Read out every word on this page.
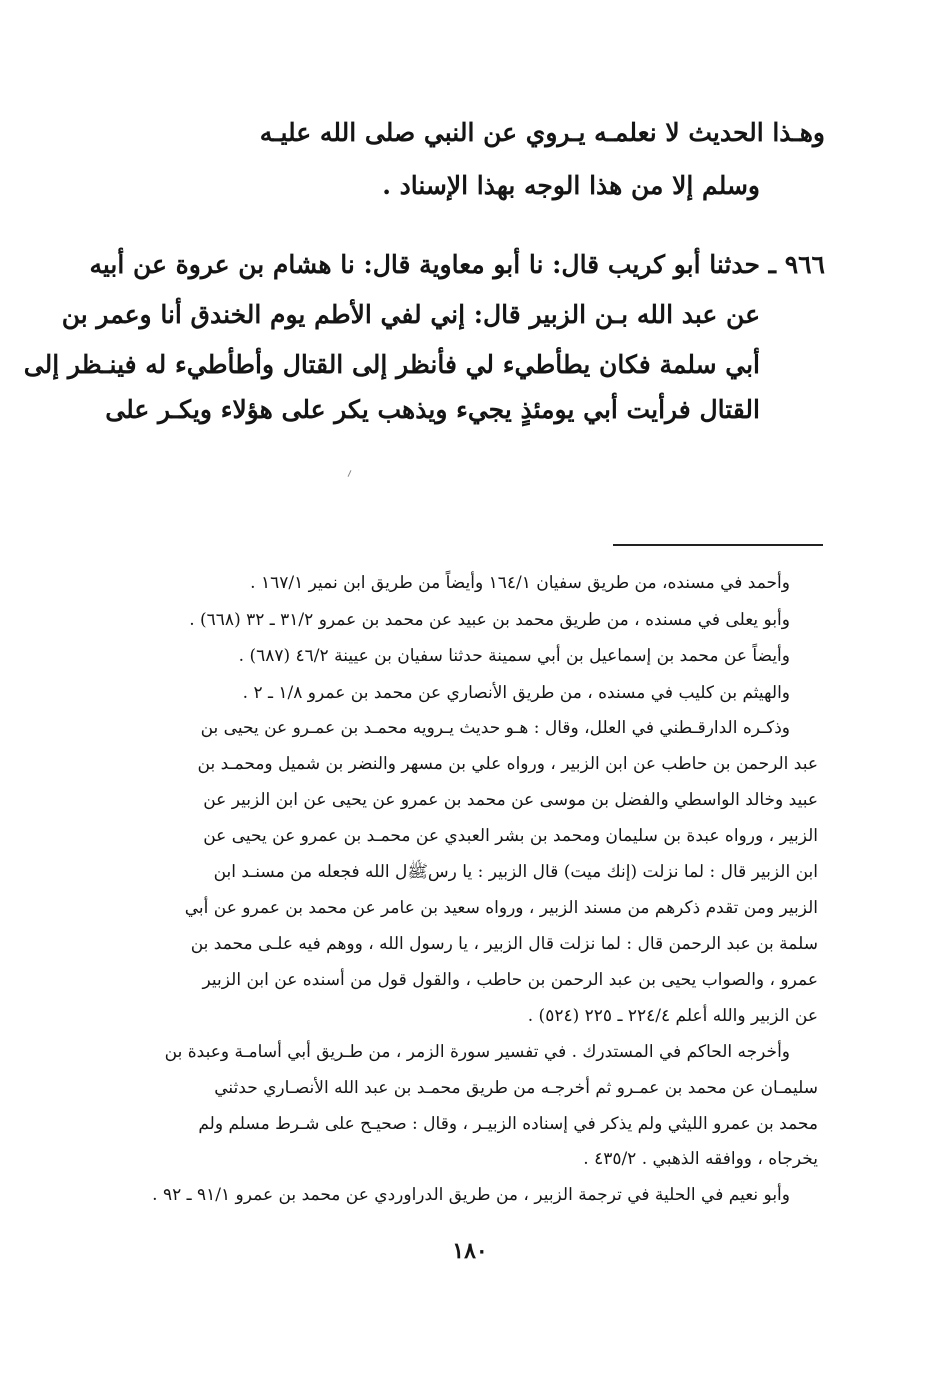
وهـذا الحديث لا نعلمـه يـروي عن النبي صلى الله عليـه
وسلم إلا من هذا الوجه بهذا الإسناد .
٩٦٦ ـ حدثنا أبو كريب قال: نا أبو معاوية قال: نا هشام بن عروة عن أبيه
عن عبد الله بـن الزبير قال: إني لفي الأطم يوم الخندق أنا وعمر بن
أبي سلمة فكان يطأطيء لي فأنظر إلى القتال وأطأطيء له فينـظر إلى
القتال فرأيت أبي يومئذٍ يجيء ويذهب يكر على هؤلاء ويكـر على
وأحمد في مسنده، من طريق سفيان ١٦٤/١ وأيضاً من طريق ابن نمير ١٦٧/١ .
وأبو يعلى في مسنده ، من طريق محمد بن عبيد عن محمد بن عمرو ٣١/٢ ـ ٣٢ (٦٦٨) .
وأيضاً عن محمد بن إسماعيل بن أبي سمينة حدثنا سفيان بن عيينة ٤٦/٢ (٦٨٧) .
والهيثم بن كليب في مسنده ، من طريق الأنصاري عن محمد بن عمرو ١/٨ ـ ٢ .
وذكـره الدارقـطني في العلل، وقال : هـو حديث يـرويه محمـد بن عمـرو عن يحيى بن
عبد الرحمن بن حاطب عن ابن الزبير ، ورواه علي بن مسهر والنضر بن شميل ومحمـد بن
عبيد وخالد الواسطي والفضل بن موسى عن محمد بن عمرو عن يحيى عن ابن الزبير عن
الزبير ، ورواه عبدة بن سليمان ومحمد بن بشر العبدي عن محمـد بن عمرو عن يحيى عن
ابن الزبير قال : لما نزلت (إنك ميت) قال الزبير : يا رسﷺل الله فجعله من مسنـد ابن
الزبير ومن تقدم ذكرهم من مسند الزبير ، ورواه سعيد بن عامر عن محمد بن عمرو عن أبي
سلمة بن عبد الرحمن قال : لما نزلت قال الزبير ، يا رسول الله ، ووهم فيه علـى محمد بن
عمرو ، والصواب يحيى بن عبد الرحمن بن حاطب ، والقول قول من أسنده عن ابن الزبير
عن الزبير والله أعلم ٢٢٤/٤ ـ ٢٢٥ (٥٢٤) .
وأخرجه الحاكم في المستدرك . في تفسير سورة الزمر ، من طـريق أبي أسامـة وعبدة بن
سليمـان عن محمد بن عمـرو ثم أخرجـه من طريق محمـد بن عبد الله الأنصـاري حدثني
محمد بن عمرو الليثي ولم يذكر في إسناده الزبيـر ، وقال : صحيـح على شـرط مسلم ولم
يخرجاه ، ووافقه الذهبي . ٤٣٥/٢ .
وأبو نعيم في الحلية في ترجمة الزبير ، من طريق الدراوردي عن محمد بن عمرو ٩١/١ ـ ٩٢ .
١٨٠
